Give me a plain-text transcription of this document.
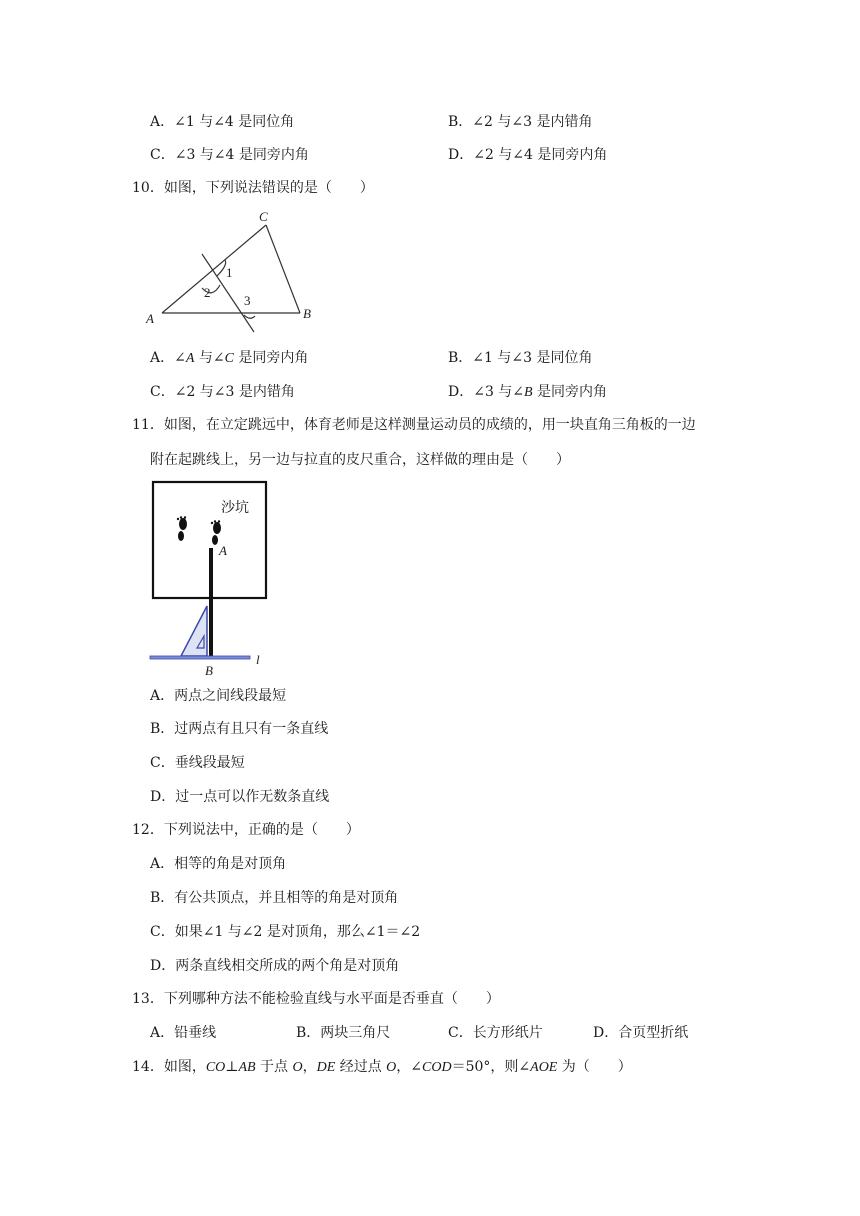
A．∠1 与∠4 是同位角	B．∠2 与∠3 是内错角
C．∠3 与∠4 是同旁内角	D．∠2 与∠4 是同旁内角
10．如图，下列说法错误的是（　　）
A	B
C
1
2
3
A．∠A 与∠C 是同旁内角	B．∠1 与∠3 是同位角
C．∠2 与∠3 是内错角	D．∠3 与∠B 是同旁内角
11．如图，在立定跳远中，体育老师是这样测量运动员的成绩的，用一块直角三角板的一边
附在起跳线上，另一边与拉直的皮尺重合，这样做的理由是（　　）
沙坑
A
B
l
A．两点之间线段最短
B．过两点有且只有一条直线
C．垂线段最短
D．过一点可以作无数条直线
12．下列说法中，正确的是（　　）
A．相等的角是对顶角
B．有公共顶点，并且相等的角是对顶角
C．如果∠1 与∠2 是对顶角，那么∠1＝∠2
D．两条直线相交所成的两个角是对顶角
13．下列哪种方法不能检验直线与水平面是否垂直（　　）
A．铅垂线	B．两块三角尺	C．长方形纸片	D．合页型折纸
14．如图，CO⊥AB 于点 O，DE 经过点 O，∠COD＝50°，则∠AOE 为（　　）
